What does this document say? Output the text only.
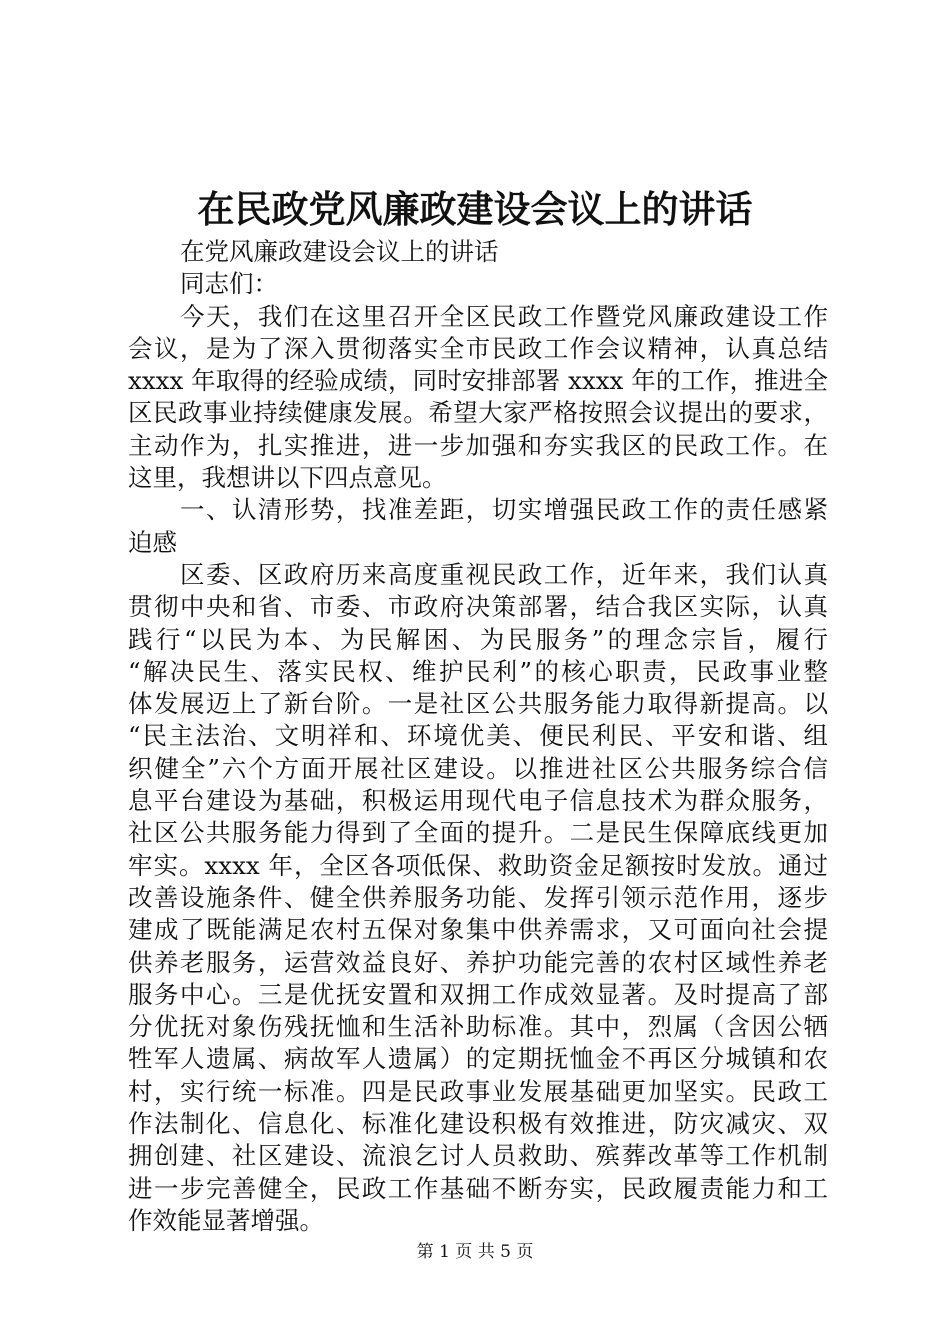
在民政党风廉政建设会议上的讲话
在党风廉政建设会议上的讲话
同志们：
今天，我们在这里召开全区民政工作暨党风廉政建设工作
会议，是为了深入贯彻落实全市民政工作会议精神，认真总结
xxxx 年取得的经验成绩，同时安排部署 xxxx 年的工作，推进全
区民政事业持续健康发展。希望大家严格按照会议提出的要求，
主动作为，扎实推进，进一步加强和夯实我区的民政工作。在
这里，我想讲以下四点意见。
一、认清形势，找准差距，切实增强民政工作的责任感紧
迫感
区委、区政府历来高度重视民政工作，近年来，我们认真
贯彻中央和省、市委、市政府决策部署，结合我区实际，认真
践行“以民为本、为民解困、为民服务”的理念宗旨，履行
“解决民生、落实民权、维护民利”的核心职责，民政事业整
体发展迈上了新台阶。一是社区公共服务能力取得新提高。以
“民主法治、文明祥和、环境优美、便民利民、平安和谐、组
织健全”六个方面开展社区建设。以推进社区公共服务综合信
息平台建设为基础，积极运用现代电子信息技术为群众服务，
社区公共服务能力得到了全面的提升。二是民生保障底线更加
牢实。xxxx 年，全区各项低保、救助资金足额按时发放。通过
改善设施条件、健全供养服务功能、发挥引领示范作用，逐步
建成了既能满足农村五保对象集中供养需求，又可面向社会提
供养老服务，运营效益良好、养护功能完善的农村区域性养老
服务中心。三是优抚安置和双拥工作成效显著。及时提高了部
分优抚对象伤残抚恤和生活补助标准。其中，烈属（含因公牺
牲军人遗属、病故军人遗属）的定期抚恤金不再区分城镇和农
村，实行统一标准。四是民政事业发展基础更加坚实。民政工
作法制化、信息化、标准化建设积极有效推进，防灾减灾、双
拥创建、社区建设、流浪乞讨人员救助、殡葬改革等工作机制
进一步完善健全，民政工作基础不断夯实，民政履责能力和工
作效能显著增强。
第 1 页 共 5 页
